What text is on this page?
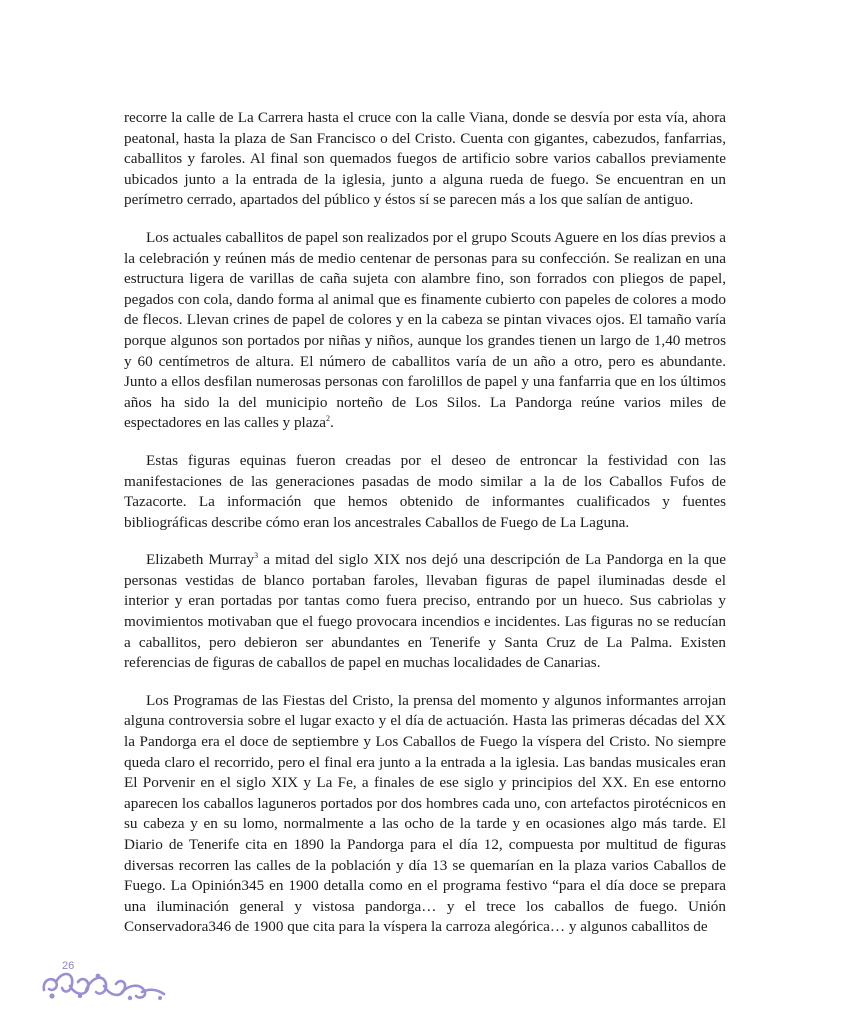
recorre la calle de La Carrera hasta el cruce con la calle Viana, donde se desvía por esta vía, ahora peatonal, hasta la plaza de San Francisco o del Cristo. Cuenta con gigantes, cabezudos, fanfarrias, caballitos y faroles. Al final son quemados fuegos de artificio sobre varios caballos previamente ubicados junto a la entrada de la iglesia, junto a alguna rueda de fuego. Se encuentran en un perímetro cerrado, apartados del público y éstos sí se parecen más a los que salían de antiguo.

Los actuales caballitos de papel son realizados por el grupo Scouts Aguere en los días previos a la celebración y reúnen más de medio centenar de personas para su confección. Se realizan en una estructura ligera de varillas de caña sujeta con alambre fino, son forrados con pliegos de papel, pegados con cola, dando forma al animal que es finamente cubierto con papeles de colores a modo de flecos. Llevan crines de papel de colores y en la cabeza se pintan vivaces ojos. El tamaño varía porque algunos son portados por niñas y niños, aunque los grandes tienen un largo de 1,40 metros y 60 centímetros de altura. El número de caballitos varía de un año a otro, pero es abundante. Junto a ellos desfilan numerosas personas con farolillos de papel y una fanfarria que en los últimos años ha sido la del municipio norteño de Los Silos. La Pandorga reúne varios miles de espectadores en las calles y plaza$^2$.

Estas figuras equinas fueron creadas por el deseo de entroncar la festividad con las manifestaciones de las generaciones pasadas de modo similar a la de los Caballos Fufos de Tazacorte. La información que hemos obtenido de informantes cualificados y fuentes bibliográficas describe cómo eran los ancestrales Caballos de Fuego de La Laguna.

Elizabeth Murray$^3$ a mitad del siglo XIX nos dejó una descripción de La Pandorga en la que personas vestidas de blanco portaban faroles, llevaban figuras de papel iluminadas desde el interior y eran portadas por tantas como fuera preciso, entrando por un hueco. Sus cabriolas y movimientos motivaban que el fuego provocara incendios e incidentes. Las figuras no se reducían a caballitos, pero debieron ser abundantes en Tenerife y Santa Cruz de La Palma. Existen referencias de figuras de caballos de papel en muchas localidades de Canarias.

Los Programas de las Fiestas del Cristo, la prensa del momento y algunos informantes arrojan alguna controversia sobre el lugar exacto y el día de actuación. Hasta las primeras décadas del XX la Pandorga era el doce de septiembre y Los Caballos de Fuego la víspera del Cristo. No siempre queda claro el recorrido, pero el final era junto a la entrada a la iglesia. Las bandas musicales eran El Porvenir en el siglo XIX y La Fe, a finales de ese siglo y principios del XX. En ese entorno aparecen los caballos laguneros portados por dos hombres cada uno, con artefactos pirotécnicos en su cabeza y en su lomo, normalmente a las ocho de la tarde y en ocasiones algo más tarde. El Diario de Tenerife cita en 1890 la Pandorga para el día 12, compuesta por multitud de figuras diversas recorren las calles de la población y día 13 se quemarían en la plaza varios Caballos de Fuego. La Opinión345 en 1900 detalla como en el programa festivo “para el día doce se prepara una iluminación general y vistosa pandorga… y el trece los caballos de fuego. Unión Conservadora346 de 1900 que cita para la víspera la carroza alegórica… y algunos caballitos de

26
